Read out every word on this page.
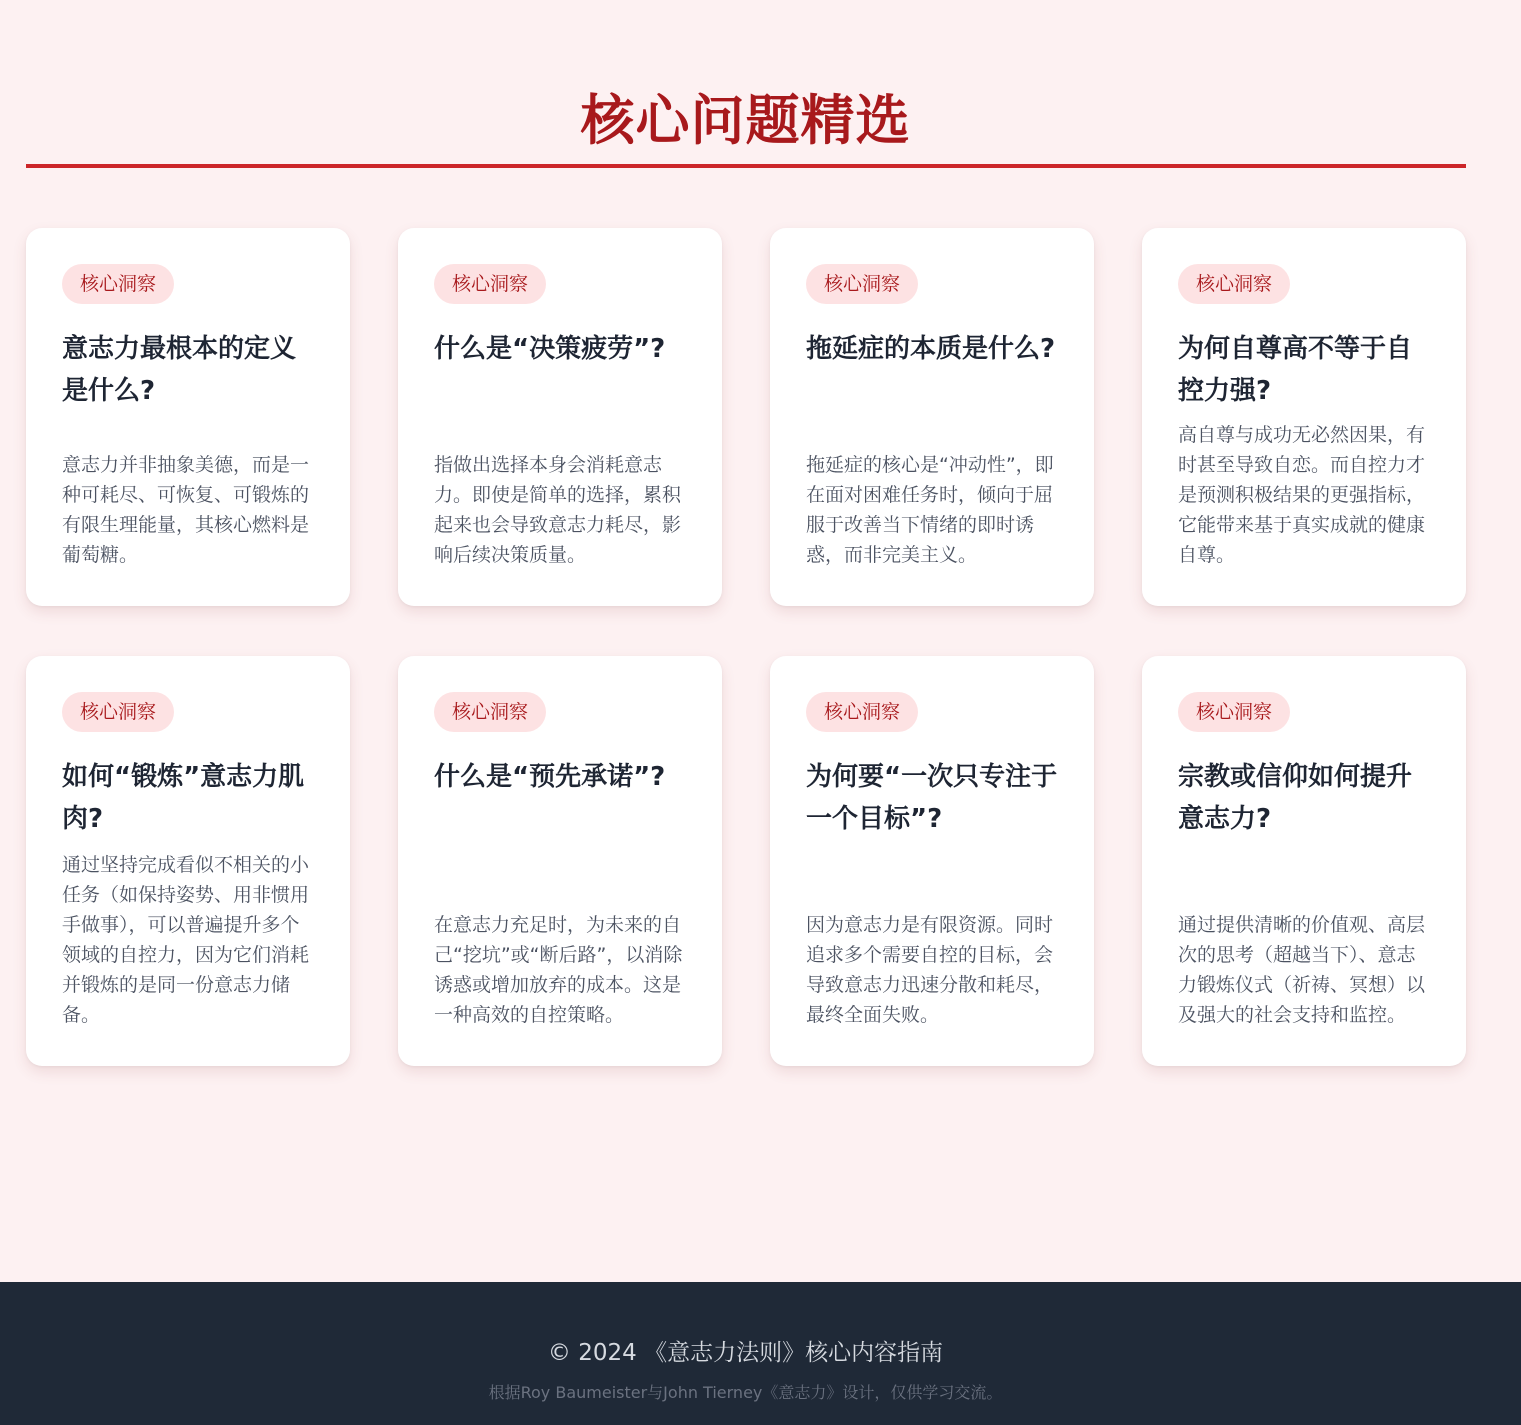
核心问题精选
核心洞察
意志力最根本的定义是什么?

意志力并非抽象美德，而是一种可耗尽、可恢复、可锻炼的有限生理能量，其核心燃料是葡萄糖。

核心洞察
什么是“决策疲劳”?

指做出选择本身会消耗意志力。即使是简单的选择，累积起来也会导致意志力耗尽，影响后续决策质量。

核心洞察
拖延症的本质是什么?

拖延症的核心是“冲动性”，即在面对困难任务时，倾向于屈服于改善当下情绪的即时诱惑，而非完美主义。

核心洞察
为何自尊高不等于自控力强?

高自尊与成功无必然因果，有时甚至导致自恋。而自控力才是预测积极结果的更强指标，它能带来基于真实成就的健康自尊。

核心洞察
如何“锻炼”意志力肌肉?

通过坚持完成看似不相关的小任务（如保持姿势、用非惯用手做事），可以普遍提升多个领域的自控力，因为它们消耗并锻炼的是同一份意志力储备。

核心洞察
什么是“预先承诺”?

在意志力充足时，为未来的自己“挖坑”或“断后路”，以消除诱惑或增加放弃的成本。这是一种高效的自控策略。

核心洞察
为何要“一次只专注于一个目标”?

因为意志力是有限资源。同时追求多个需要自控的目标，会导致意志力迅速分散和耗尽，最终全面失败。

核心洞察
宗教或信仰如何提升意志力?

通过提供清晰的价值观、高层次的思考（超越当下）、意志力锻炼仪式（祈祷、冥想）以及强大的社会支持和监控。

© 2024 《意志力法则》核心内容指南
根据Roy Baumeister与John Tierney《意志力》设计，仅供学习交流。
